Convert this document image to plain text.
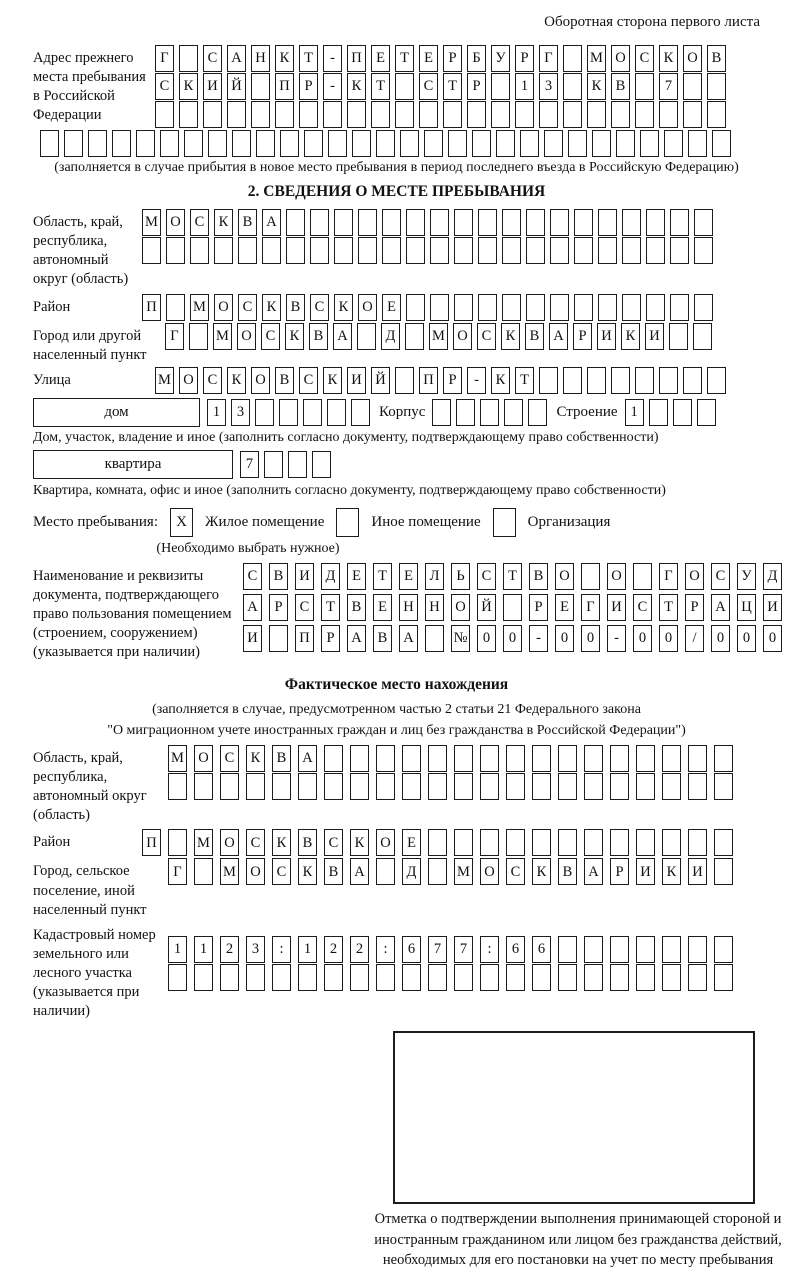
Оборотная сторона первого листа
Адрес прежнего места пребывания в Российской Федерации
Г	С А Н К	Т	-	П Е	Т	Е	Р	Б	У	Р	Г	М О С К О В
С К И Й	П	Р	-	К	Т	С	Т	Р	1	3	К В	7
(заполняется в случае прибытия в новое место пребывания в период последнего въезда в Российскую Федерацию)
2. СВЕДЕНИЯ О МЕСТЕ ПРЕБЫВАНИЯ
Область, край, республика, автономный округ (область)
М О С К В А
Район	П	М О С К В С К О Е
Город или другой населенный пункт
Г	М О С К В А	Д	М О С К В А	Р	И К И
Улица	М О С К О В С К И Й	П	Р	-	К	Т
дом	1	3	Корпус	Строение 1
Дом, участок, владение и иное (заполнить согласно документу, подтверждающему право собственности)
квартира	7
Квартира, комната, офис и иное (заполнить согласно документу, подтверждающему право собственности)
Место пребывания:	X	Жилое помещение	Иное помещение	Организация
(Необходимо выбрать нужное)
Наименование и реквизиты документа, подтверждающего право пользования помещением (строением, сооружением) (указывается при наличии)
С	В	И	Д	Е	Т	Е	Л	Ь	С	Т	В	О	О	Г	О	С	У	Д
А	Р	С	Т	В	Е	Н Н О Й	Р	Е	Г	И	С	Т	Р	А Ц И
И	П	Р	А	В	А	№	0	0	-	0	0	-	0	0	/	0	0	0
Фактическое место нахождения
(заполняется в случае, предусмотренном частью 2 статьи 21 Федерального закона
"О миграционном учете иностранных граждан и лиц без гражданства в Российской Федерации")
Область, край, республика, автономный округ (область)
М О	С	К	В	А
Район	П	М О	С	К	В	С	К	О	Е
Город, сельское поселение, иной населенный пункт
Г	М О	С	К	В	А	Д	М О	С	К	В	А	Р	И	К	И
Кадастровый номер земельного или лесного участка (указывается при наличии)
1	1	2	3	:	1	2	2	:	6	7	7	:	6	6
Отметка о подтверждении выполнения принимающей стороной и иностранным гражданином или лицом без гражданства действий, необходимых для его постановки на учет по месту пребывания
